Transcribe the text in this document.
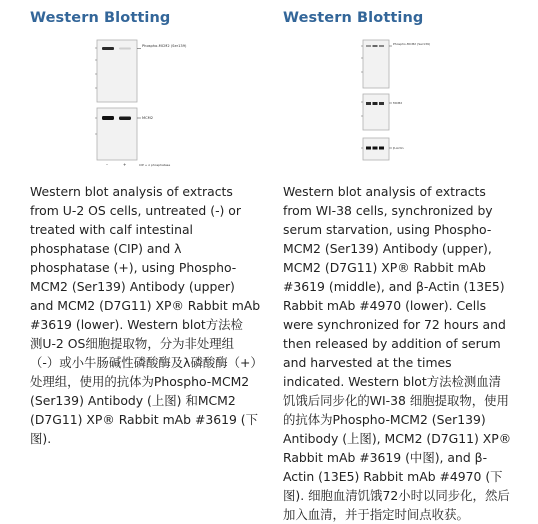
Western Blotting
Phospho-MCM2 (Ser139)
MCM2
–	+	CIP + λ phosphatase
Western blot analysis of extracts
from U-2 OS cells, untreated (-) or
treated with calf intestinal
phosphatase (CIP) and λ
phosphatase (+), using Phospho-
MCM2 (Ser139) Antibody (upper)
and MCM2 (D7G11) XP® Rabbit mAb
#3619 (lower). Western blot方法检
测U-2 OS细胞提取物，分为非处理组
（-）或小牛肠碱性磷酸酶及λ磷酸酶（+）
处理组，使用的抗体为Phospho-MCM2
(Ser139) Antibody (上图) 和MCM2
(D7G11) XP® Rabbit mAb #3619 (下
图).
Western Blotting
Phospho-MCM2 (Ser139)
MCM2
β-Actin
Western blot analysis of extracts
from WI-38 cells, synchronized by
serum starvation, using Phospho-
MCM2 (Ser139) Antibody (upper),
MCM2 (D7G11) XP® Rabbit mAb
#3619 (middle), and β-Actin (13E5)
Rabbit mAb #4970 (lower). Cells
were synchronized for 72 hours and
then released by addition of serum
and harvested at the times
indicated. Western blot方法检测血清
饥饿后同步化的WI-38 细胞提取物，使用
的抗体为Phospho-MCM2 (Ser139)
Antibody (上图), MCM2 (D7G11) XP®
Rabbit mAb #3619 (中图), and β-
Actin (13E5) Rabbit mAb #4970 (下
图). 细胞血清饥饿72小时以同步化，然后
加入血清，并于指定时间点收获。
